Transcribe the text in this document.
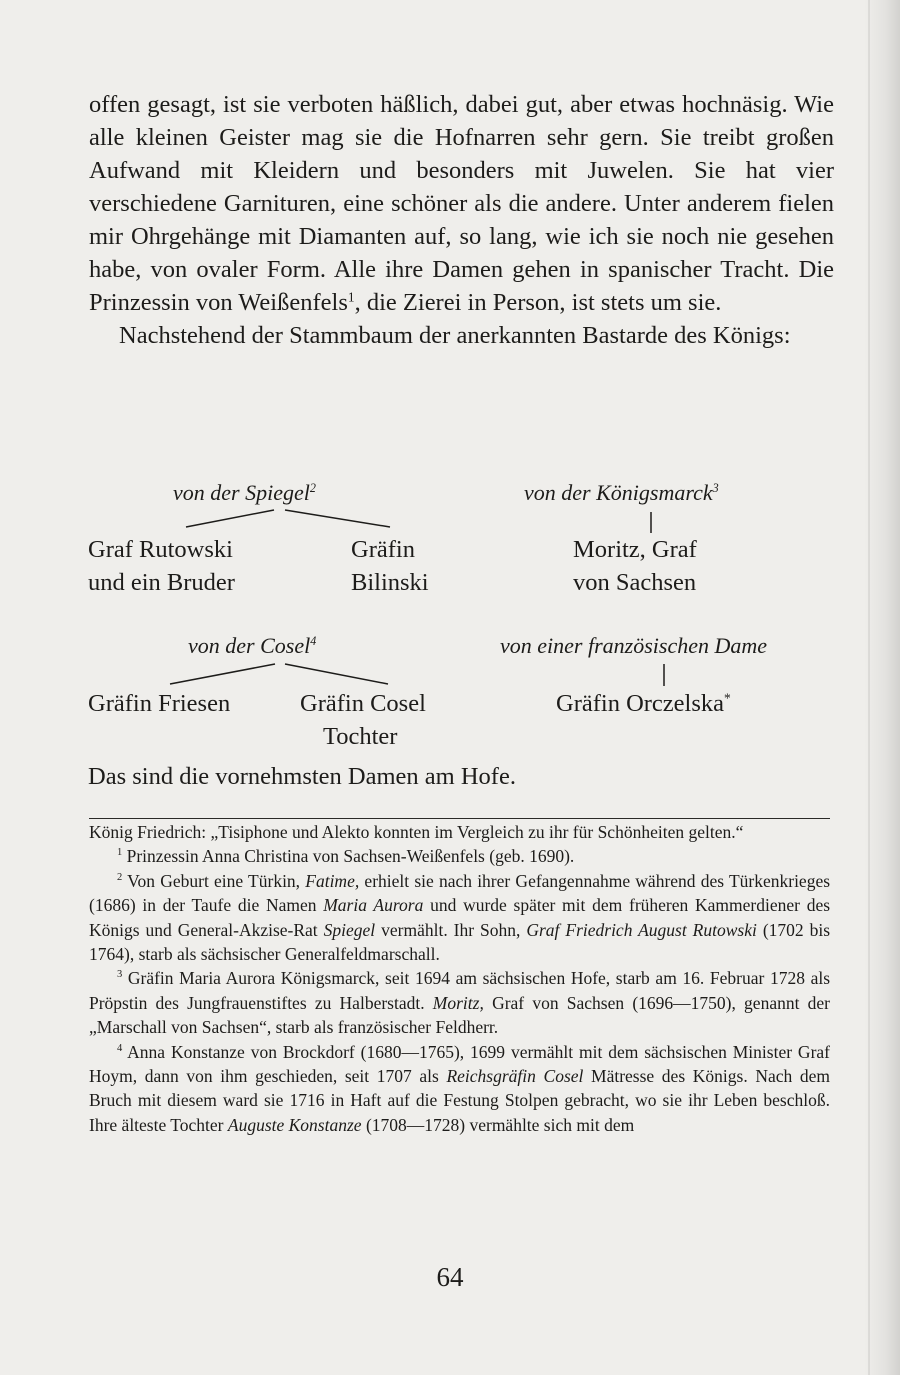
offen gesagt, ist sie verboten häßlich, dabei gut, aber etwas hochnäsig. Wie alle kleinen Geister mag sie die Hofnarren sehr gern. Sie treibt großen Aufwand mit Kleidern und besonders mit Juwelen. Sie hat vier verschiedene Garnituren, eine schöner als die andere. Unter anderem fielen mir Ohrgehänge mit Diamanten auf, so lang, wie ich sie noch nie gesehen habe, von ovaler Form. Alle ihre Damen gehen in spanischer Tracht. Die Prinzessin von Weißenfels$^1$, die Zierei in Person, ist stets um sie.

Nachstehend der Stammbaum der anerkannten Bastarde des Königs:

von der Spiegel$^2$	von der Königsmarck$^3$
Graf Rutowski
und ein Bruder
Gräfin
Bilinski
Moritz, Graf
von Sachsen
von der Cosel$^4$	von einer französischen Dame
Gräfin Friesen	Gräfin Cosel
Tochter
Gräfin Orczelska*
Das sind die vornehmsten Damen am Hofe.

König Friedrich: „Tisiphone und Alekto konnten im Vergleich zu ihr für Schönheiten gelten.“

$^1$ Prinzessin Anna Christina von Sachsen-Weißenfels (geb. 1690).

$^2$ Von Geburt eine Türkin, Fatime, erhielt sie nach ihrer Gefangennahme während des Türkenkrieges (1686) in der Taufe die Namen Maria Aurora und wurde später mit dem früheren Kammerdiener des Königs und General-Akzise-Rat Spiegel vermählt. Ihr Sohn, Graf Friedrich August Rutowski (1702 bis 1764), starb als sächsischer Generalfeldmarschall.

$^3$ Gräfin Maria Aurora Königsmarck, seit 1694 am sächsischen Hofe, starb am 16. Februar 1728 als Pröpstin des Jungfrauenstiftes zu Halberstadt. Moritz, Graf von Sachsen (1696—1750), genannt der „Marschall von Sachsen“, starb als französischer Feldherr.

$^4$ Anna Konstanze von Brockdorf (1680—1765), 1699 vermählt mit dem sächsischen Minister Graf Hoym, dann von ihm geschieden, seit 1707 als Reichsgräfin Cosel Mätresse des Königs. Nach dem Bruch mit diesem ward sie 1716 in Haft auf die Festung Stolpen gebracht, wo sie ihr Leben beschloß. Ihre älteste Tochter Auguste Konstanze (1708—1728) vermählte sich mit dem

64
